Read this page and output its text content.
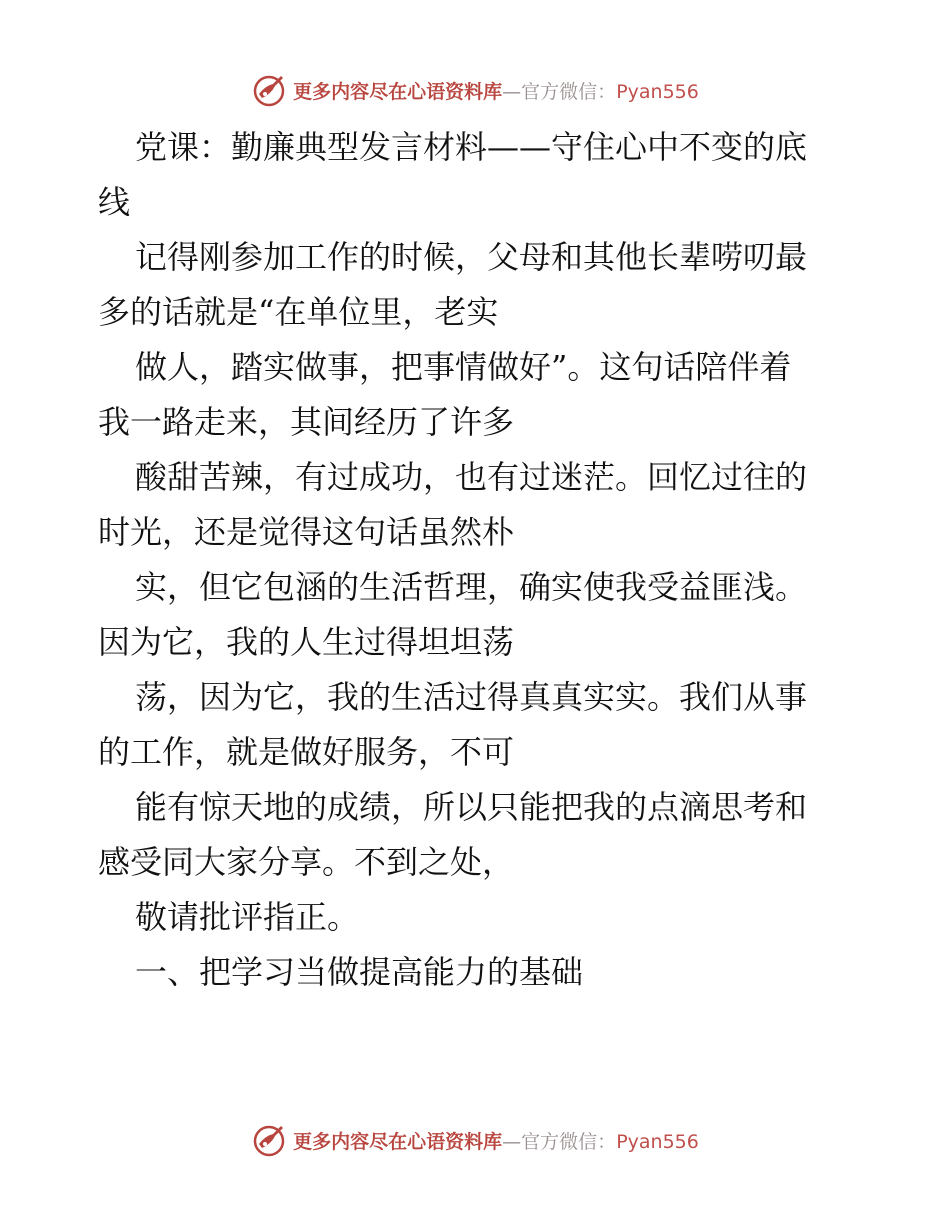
更多内容尽在心语资料库—官方微信：Pyan556

党课：勤廉典型发言材料——守住心中不变的底

线

记得刚参加工作的时候，父母和其他长辈唠叨最

多的话就是“在单位里，老实

做人，踏实做事，把事情做好”。这句话陪伴着

我一路走来，其间经历了许多

酸甜苦辣，有过成功，也有过迷茫。回忆过往的

时光，还是觉得这句话虽然朴

实，但它包涵的生活哲理，确实使我受益匪浅。

因为它，我的人生过得坦坦荡

荡，因为它，我的生活过得真真实实。我们从事

的工作，就是做好服务，不可

能有惊天地的成绩，所以只能把我的点滴思考和

感受同大家分享。不到之处，

敬请批评指正。

一、把学习当做提高能力的基础

更多内容尽在心语资料库—官方微信：Pyan556
